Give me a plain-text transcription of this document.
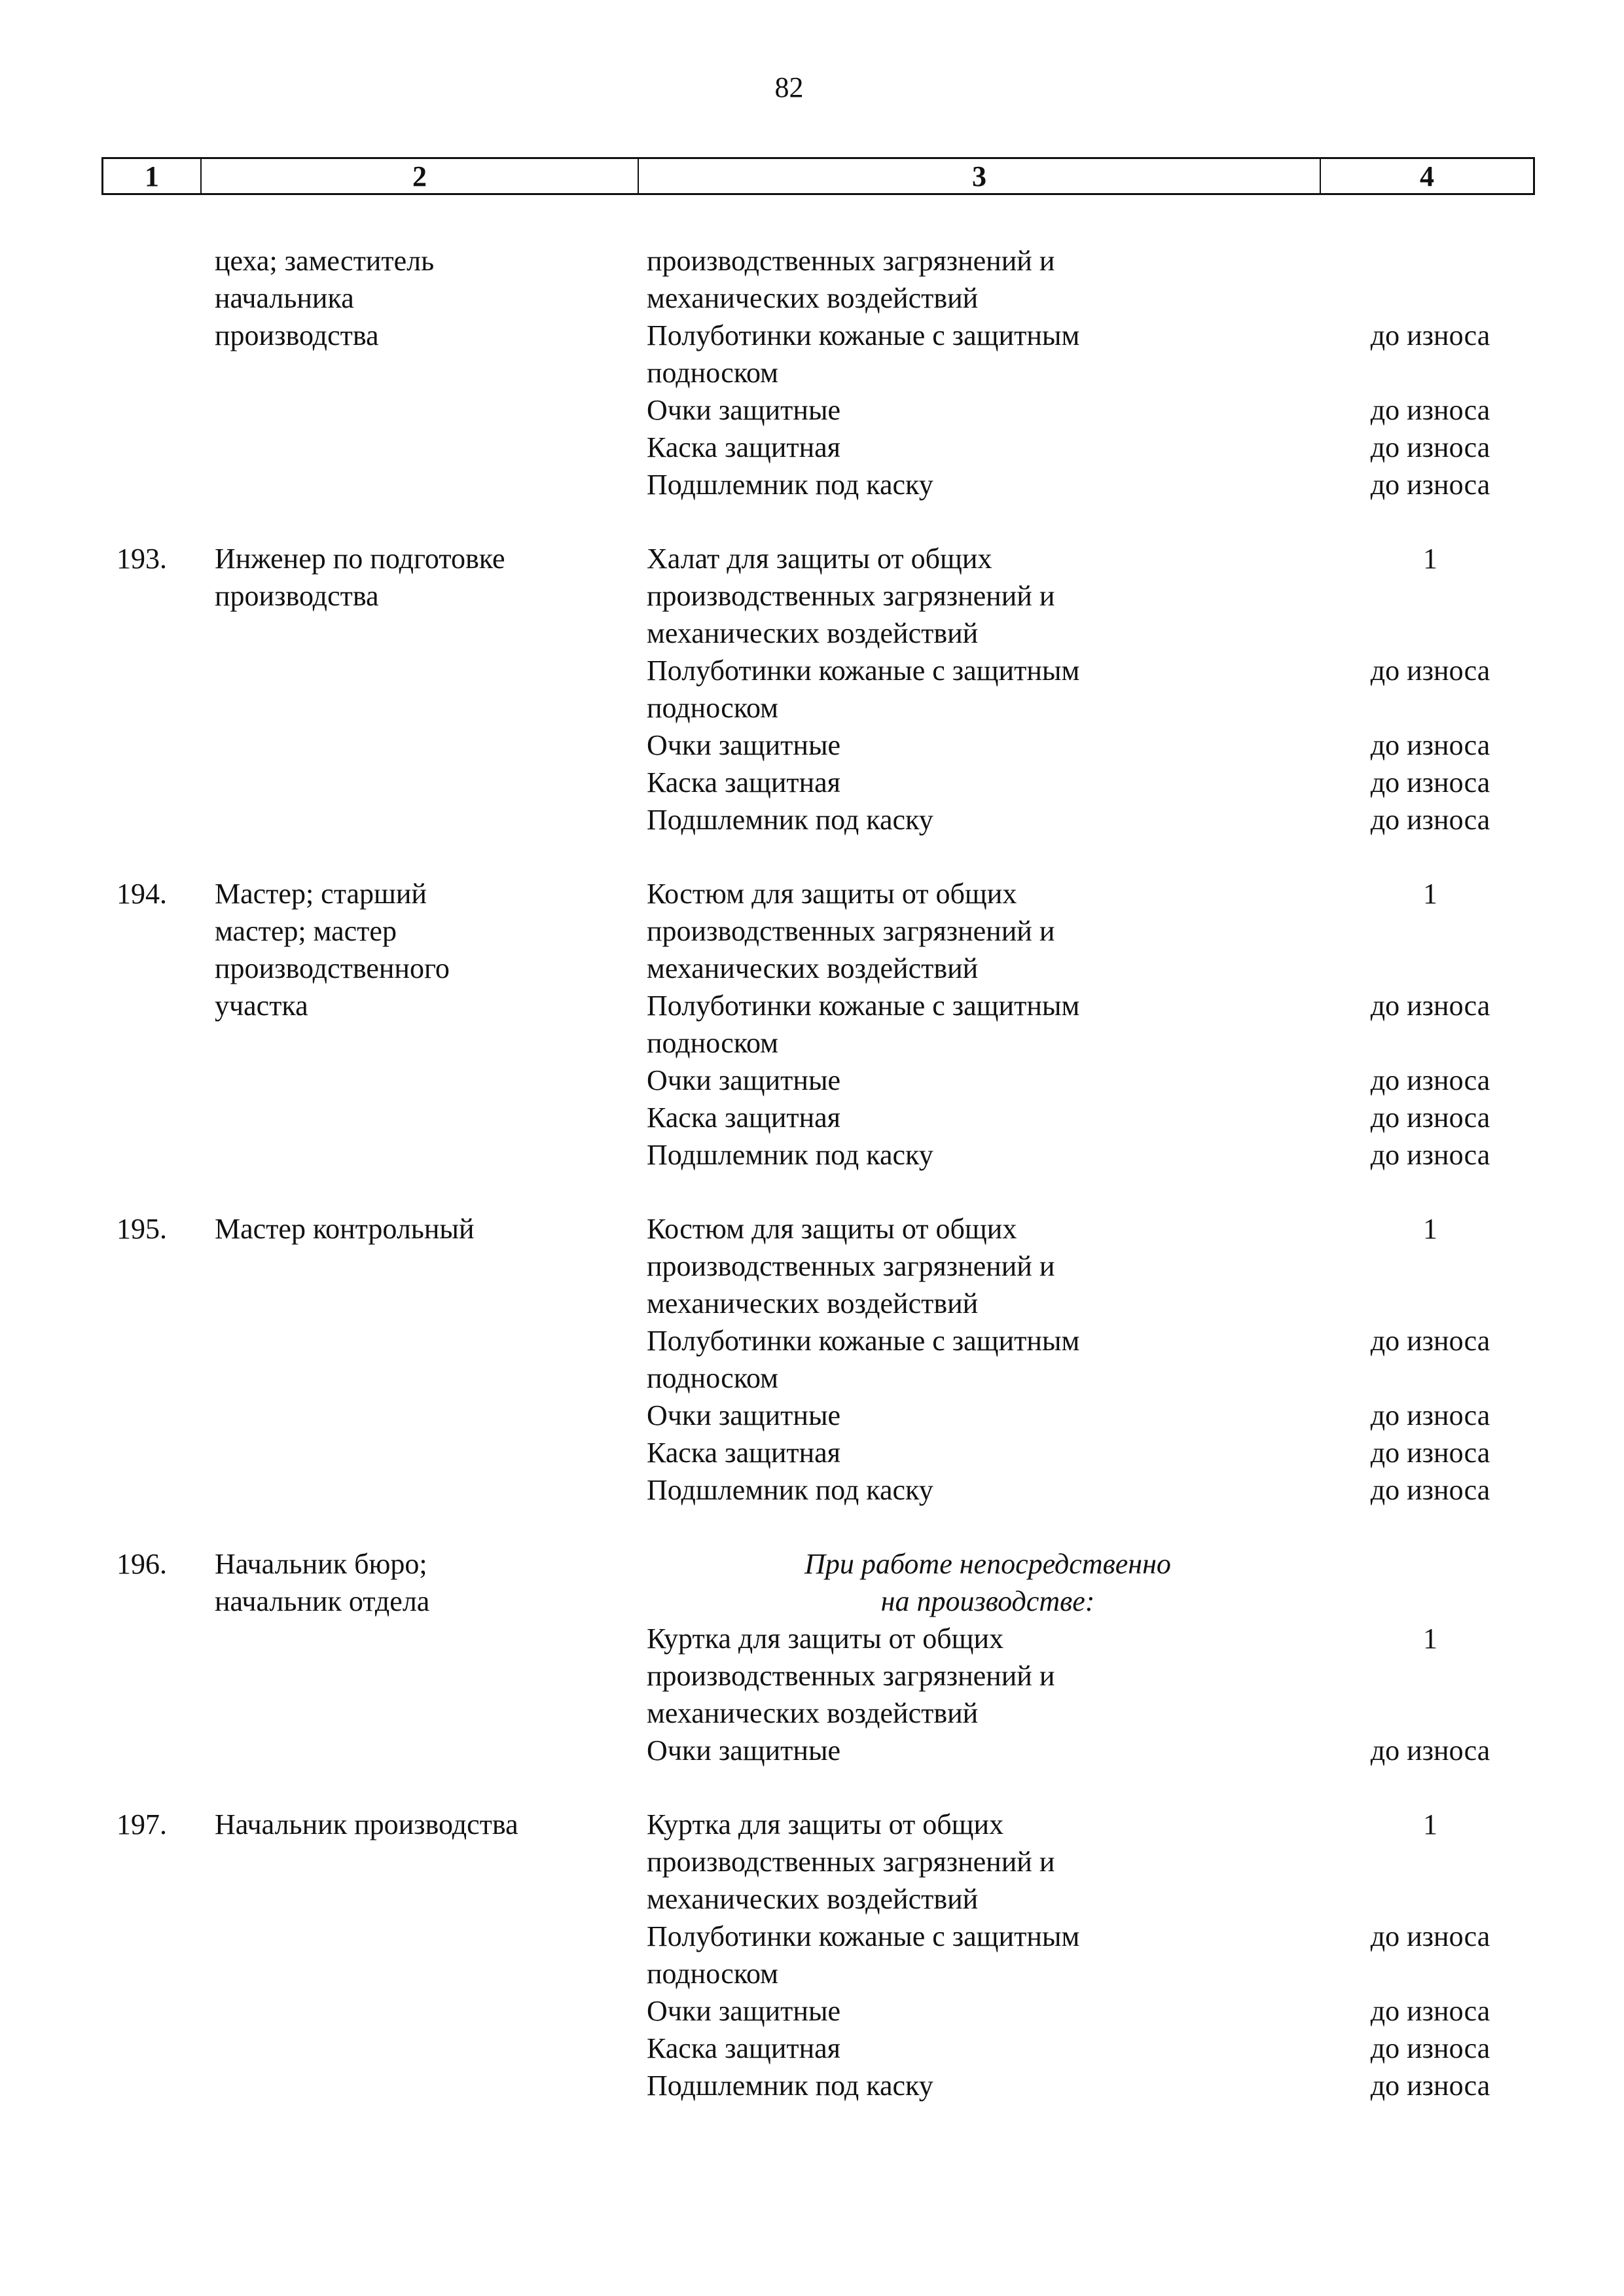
82
1	2	3	4
цеха; заместитель	производственных загрязнений и
начальника	механических воздействий
производства	Полуботинки кожаные с защитным	до износа
подноском
Очки защитные	до износа
Каска защитная	до износа
Подшлемник под каску	до износа
193. Инженер по подготовке	Халат для защиты от общих	1
производства	производственных загрязнений и
механических воздействий
Полуботинки кожаные с защитным	до износа
подноском
Очки защитные	до износа
Каска защитная	до износа
Подшлемник под каску	до износа
194. Мастер; старший	Костюм для защиты от общих	1
мастер; мастер	производственных загрязнений и
производственного	механических воздействий
участка	Полуботинки кожаные с защитным	до износа
подноском
Очки защитные	до износа
Каска защитная	до износа
Подшлемник под каску	до износа
195. Мастер контрольный	Костюм для защиты от общих	1
производственных загрязнений и
механических воздействий
Полуботинки кожаные с защитным	до износа
подноском
Очки защитные	до износа
Каска защитная	до износа
Подшлемник под каску	до износа
196. Начальник бюро;	При работе непосредственно
начальник отдела	на производстве:
Куртка для защиты от общих	1
производственных загрязнений и
механических воздействий
Очки защитные	до износа
197. Начальник производства	Куртка для защиты от общих	1
производственных загрязнений и
механических воздействий
Полуботинки кожаные с защитным	до износа
подноском
Очки защитные	до износа
Каска защитная	до износа
Подшлемник под каску	до износа
